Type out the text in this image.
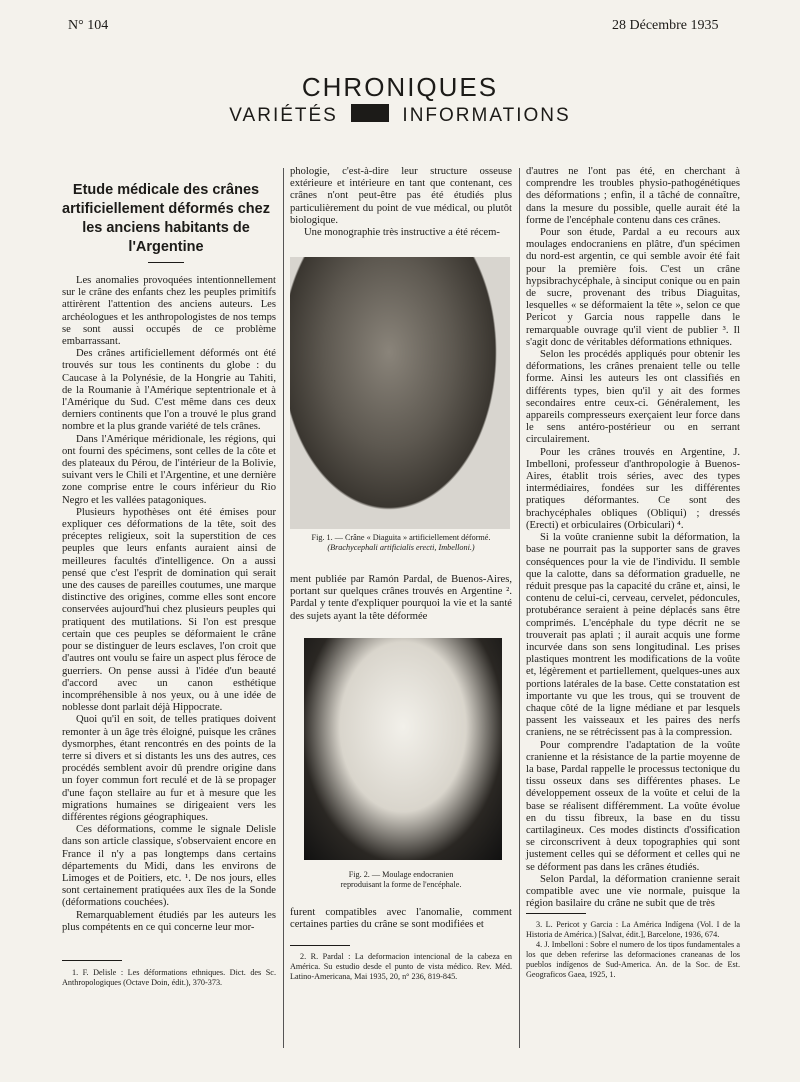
N° 104	28 Décembre 1935
CHRONIQUES
VARIÉTÉS	INFORMATIONS
Etude médicale des crânes artificiellement déformés chez les anciens habitants de l'Argentine

Les anomalies provoquées intentionnellement sur le crâne des enfants chez les peuples primitifs attirèrent l'attention des anciens auteurs. Les archéologues et les anthropologistes de nos temps se sont aussi occupés de ce problème embarrassant.

Des crânes artificiellement déformés ont été trouvés sur tous les continents du globe : du Caucase à la Polynésie, de la Hongrie au Tahiti, de la Roumanie à l'Amérique septentrionale et à l'Amérique du Sud. C'est même dans ces deux derniers continents que l'on a trouvé le plus grand nombre et la plus grande variété de tels crânes.

Dans l'Amérique méridionale, les régions, qui ont fourni des spécimens, sont celles de la côte et des plateaux du Pérou, de l'intérieur de la Bolivie, suivant vers le Chili et l'Argentine, et une dernière zone comprise entre le cours inférieur du Rio Negro et les vallées patagoniques.

Plusieurs hypothèses ont été émises pour expliquer ces déformations de la tête, soit des préceptes religieux, soit la superstition de ces peuples que leurs enfants auraient ainsi de meilleures facultés d'intelligence. On a aussi pensé que c'est l'esprit de domination qui serait une des causes de pareilles coutumes, une marque distinctive des origines, comme elles sont encore conservées aujourd'hui chez plusieurs peuples qui pratiquent des mutilations. Si l'on est presque certain que ces peuples se déformaient le crâne pour se distinguer de leurs esclaves, l'on croit que d'autres ont voulu se faire un aspect plus féroce de guerriers. On pense aussi à l'idée d'un beauté d'accord avec un canon esthétique incompréhensible à nos yeux, ou à une idée de noblesse dont parlait déjà Hippocrate.

Quoi qu'il en soit, de telles pratiques doivent remonter à un âge très éloigné, puisque les crânes dysmorphes, étant rencontrés en des points de la terre si divers et si distants les uns des autres, ces procédés semblent avoir dû prendre origine dans un foyer commun fort reculé et de là se propager d'une façon stellaire au fur et à mesure que les migrations humaines se dirigeaient vers les différentes régions géographiques.

Ces déformations, comme le signale Delisle dans son article classique, s'observaient encore en France il n'y a pas longtemps dans certains départements du Midi, dans les environs de Limoges et de Poitiers, etc. ¹. De nos jours, elles sont certainement pratiquées aux îles de la Sonde (déformations couchées).

Remarquablement étudiés par les auteurs les plus compétents en ce qui concerne leur mor-

1. F. Delisle : Les déformations ethniques. Dict. des Sc. Anthropologiques (Octave Doin, édit.), 370-373.

phologie, c'est-à-dire leur structure osseuse extérieure et intérieure en tant que contenant, ces crânes n'ont peut-être pas été étudiés plus particulièrement du point de vue médical, ou plutôt biologique.

Une monographie très instructive a été récem-

Fig. 1. — Crâne « Diaguita » artificiellement déformé.
(Brachycephali artificialis erecti, Imbelloni.)

ment publiée par Ramón Pardal, de Buenos-Aires, portant sur quelques crânes trouvés en Argentine ². Pardal y tente d'expliquer pourquoi la vie et la santé des sujets ayant la tête déformée

Fig. 2. — Moulage endocranien
reproduisant la forme de l'encéphale.

furent compatibles avec l'anomalie, comment certaines parties du crâne se sont modifiées et

2. R. Pardal : La deformacion intencional de la cabeza en América. Su estudio desde el punto de vista médico. Rev. Méd. Latino-Americana, Mai 1935, 20, n° 236, 819-845.

d'autres ne l'ont pas été, en cherchant à comprendre les troubles physio-pathogénétiques des déformations ; enfin, il a tâché de connaître, dans la mesure du possible, quelle aurait été la forme de l'encéphale contenu dans ces crânes.

Pour son étude, Pardal a eu recours aux moulages endocraniens en plâtre, d'un spécimen du nord-est argentin, ce qui semble avoir été fait pour la première fois. C'est un crâne hypsibrachycéphale, à sinciput conique ou en pain de sucre, provenant des tribus Diaguitas, lesquelles « se déformaient la tête », selon ce que Pericot y Garcia nous rappelle dans le remarquable ouvrage qu'il vient de publier ³. Il s'agit donc de véritables déformations ethniques.

Selon les procédés appliqués pour obtenir les déformations, les crânes prenaient telle ou telle forme. Ainsi les auteurs les ont classifiés en différents types, bien qu'il y ait des formes secondaires entre ceux-ci. Généralement, les appareils compresseurs exerçaient leur force dans le sens antéro-postérieur ou en serrant circulairement.

Pour les crânes trouvés en Argentine, J. Imbelloni, professeur d'anthropologie à Buenos-Aires, établit trois séries, avec des types intermédiaires, fondées sur les différentes pratiques déformantes. Ce sont des brachycéphales obliques (Obliqui) ; dressés (Erecti) et orbiculaires (Orbiculari) ⁴.

Si la voûte cranienne subit la déformation, la base ne pourrait pas la supporter sans de graves conséquences pour la vie de l'individu. Il semble que la calotte, dans sa déformation graduelle, ne réduit presque pas la capacité du crâne et, ainsi, le contenu de celui-ci, cerveau, cervelet, pédoncules, protubérance seraient à peine déplacés sans être comprimés. L'encéphale du type décrit ne se trouverait pas aplati ; il aurait acquis une forme incurvée dans son sens longitudinal. Les prises plastiques montrent les modifications de la voûte et, légèrement et partiellement, quelques-unes aux portions latérales de la base. Cette constatation est importante vu que les trous, qui se trouvent de chaque côté de la ligne médiane et par lesquels passent les vaisseaux et les paires des nerfs craniens, ne se rétrécissent pas à la compression.

Pour comprendre l'adaptation de la voûte cranienne et la résistance de la partie moyenne de la base, Pardal rappelle le processus tectonique du tissu osseux dans ses différentes phases. Le développement osseux de la voûte et celui de la base se réalisent différemment. La voûte évolue en du tissu fibreux, la base en du tissu cartilagineux. Ces modes distincts d'ossification se circonscrivent à deux topographies qui sont justement celles qui se déforment et celles qui ne se déforment pas dans les crânes étudiés.

Selon Pardal, la déformation cranienne serait compatible avec une vie normale, puisque la région basilaire du crâne ne subit que de très

3. L. Pericot y Garcia : La América Indígena (Vol. I de la Historia de América.) [Salvat, édit.], Barcelone, 1936, 674.

4. J. Imbelloni : Sobre el numero de los tipos fundamentales a los que deben referirse las deformaciones craneanas de los pueblos indígenos de Sud-America. An. de la Soc. de Est. Geograficos Gaea, 1925, 1.
